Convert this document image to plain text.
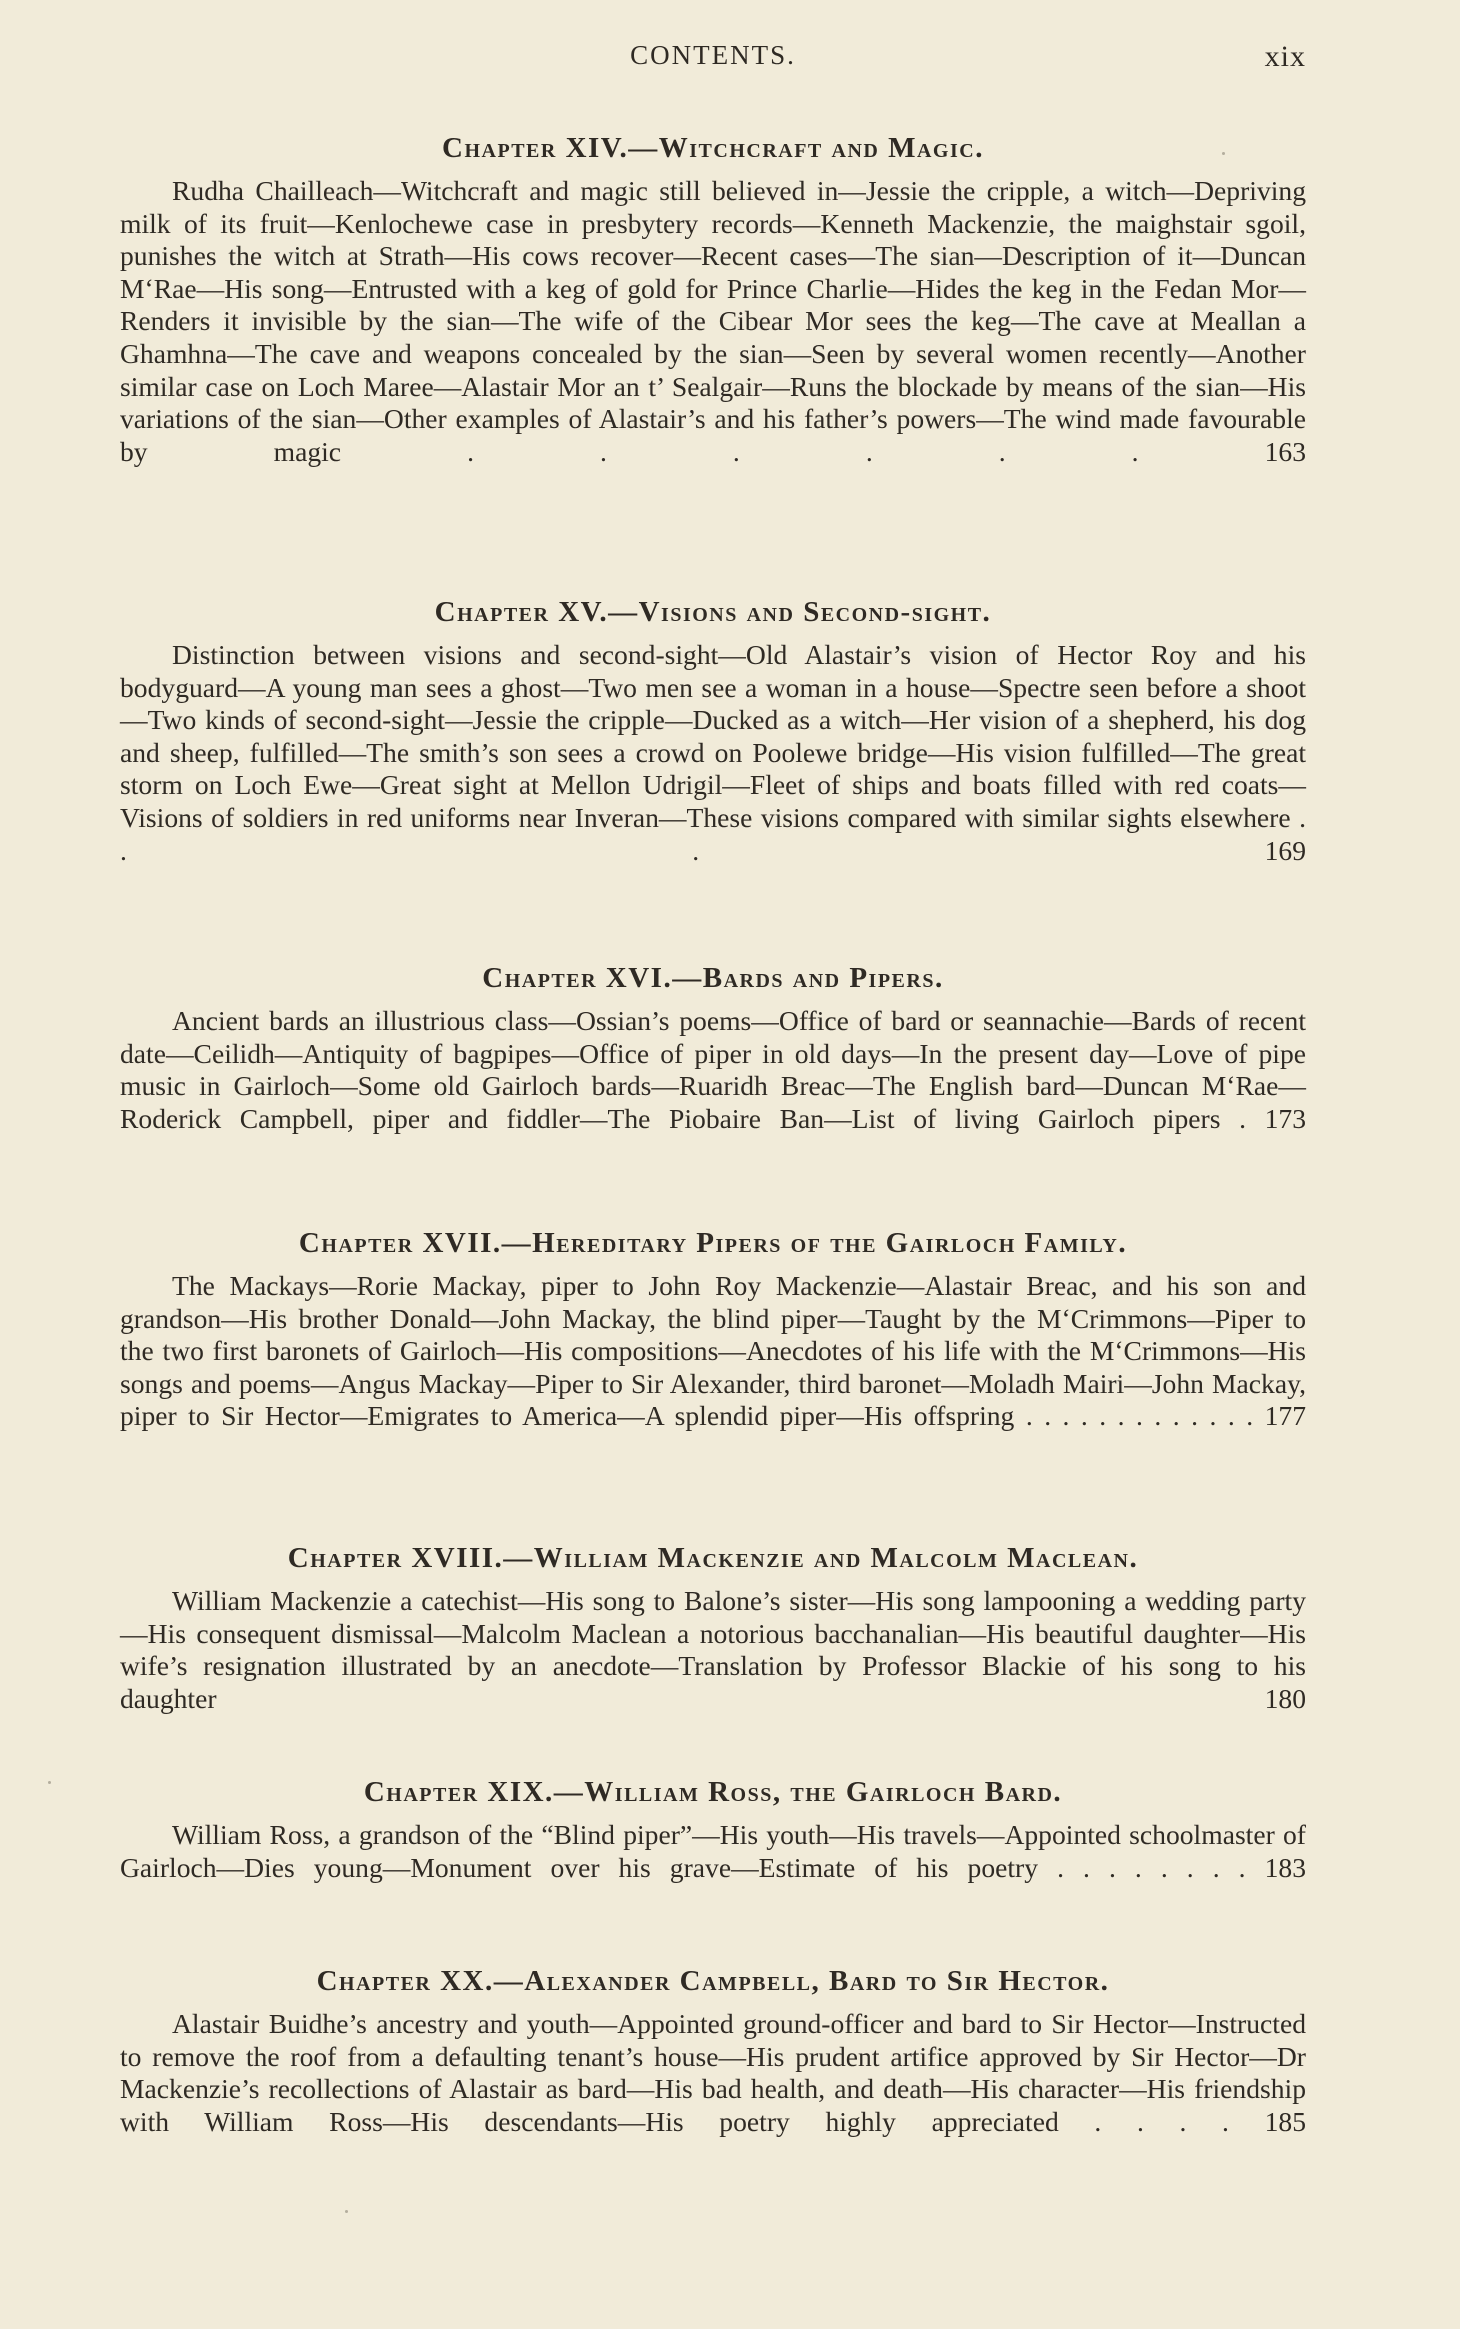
CONTENTS.	xix
Chapter XIV.—Witchcraft and Magic.

Rudha Chailleach—Witchcraft and magic still believed in—Jessie the cripple, a witch—Depriving milk of its fruit—Kenlochewe case in presbytery records—Kenneth Mackenzie, the maighstair sgoil, punishes the witch at Strath—His cows recover—Recent cases—The sian—Description of it—Duncan M‘Rae—His song—Entrusted with a keg of gold for Prince Charlie—Hides the keg in the Fedan Mor—Renders it invisible by the sian—The wife of the Cibear Mor sees the keg—The cave at Meallan a Ghamhna—The cave and weapons concealed by the sian—Seen by several women recently—Another similar case on Loch Maree—Alastair Mor an t’ Sealgair—Runs the blockade by means of the sian—His variations of the sian—Other examples of Alastair’s and his father’s powers—The wind made favourable by magic	. . . . . .	163

Chapter XV.—Visions and Second-sight.

Distinction between visions and second-sight—Old Alastair’s vision of Hector Roy and his bodyguard—A young man sees a ghost—Two men see a woman in a house—Spectre seen before a shoot—Two kinds of second-sight—Jessie the cripple—Ducked as a witch—Her vision of a shepherd, his dog and sheep, fulfilled—The smith’s son sees a crowd on Poolewe bridge—His vision fulfilled—The great storm on Loch Ewe—Great sight at Mellon Udrigil—Fleet of ships and boats filled with red coats—Visions of soldiers in red uniforms near Inveran—These visions compared with similar sights elsewhere . . .	169

Chapter XVI.—Bards and Pipers.

Ancient bards an illustrious class—Ossian’s poems—Office of bard or seannachie—Bards of recent date—Ceilidh—Antiquity of bagpipes—Office of piper in old days—In the present day—Love of pipe music in Gairloch—Some old Gairloch bards—Ruaridh Breac—The English bard—Duncan M‘Rae—Roderick Campbell, piper and fiddler—The Piobaire Ban—List of living Gairloch pipers . 173

Chapter XVII.—Hereditary Pipers of the Gairloch Family.

The Mackays—Rorie Mackay, piper to John Roy Mackenzie—Alastair Breac, and his son and grandson—His brother Donald—John Mackay, the blind piper—Taught by the M‘Crimmons—Piper to the two first baronets of Gairloch—His compositions—Anecdotes of his life with the M‘Crimmons—His songs and poems—Angus Mackay—Piper to Sir Alexander, third baronet—Moladh Mairi—John Mackay, piper to Sir Hector—Emigrates to America—A splendid piper—His offspring . . . . . . . . . . . . . 177

Chapter XVIII.—William Mackenzie and Malcolm Maclean.

William Mackenzie a catechist—His song to Balone’s sister—His song lampooning a wedding party—His consequent dismissal—Malcolm Maclean a notorious bacchanalian—His beautiful daughter—His wife’s resignation illustrated by an anecdote—Translation by Professor Blackie of his song to his daughter	180

Chapter XIX.—William Ross, the Gairloch Bard.

William Ross, a grandson of the “Blind piper”—His youth—His travels—Appointed schoolmaster of Gairloch—Dies young—Monument over his grave—Estimate of his poetry . . . . . . . . 183

Chapter XX.—Alexander Campbell, Bard to Sir Hector.

Alastair Buidhe’s ancestry and youth—Appointed ground-officer and bard to Sir Hector—Instructed to remove the roof from a defaulting tenant’s house—His prudent artifice approved by Sir Hector—Dr Mackenzie’s recollections of Alastair as bard—His bad health, and death—His character—His friendship with William Ross—His descendants—His poetry highly appreciated . . . . 185
